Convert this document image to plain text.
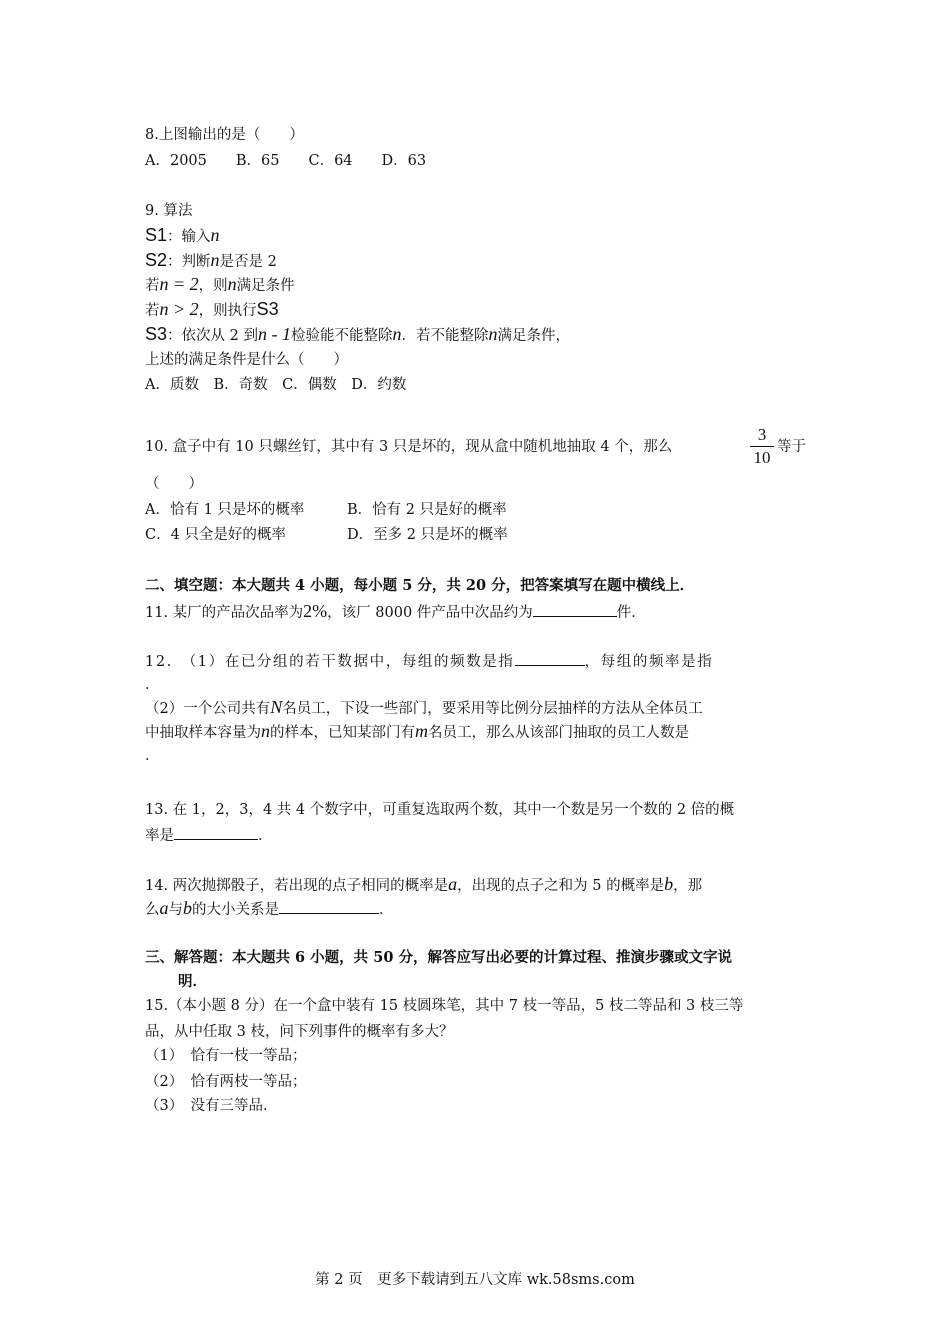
8.上图输出的是（　　）
A．2005　　B．65　　C．64　　D．63
9. 算法
S1：输入n
S2：判断n是否是 2
若n = 2，则n满足条件
若n > 2，则执行S3
S3：依次从 2 到n - 1检验能不能整除n．若不能整除n满足条件，
上述的满足条件是什么（　　）
A．质数　B．奇数　C．偶数　D．约数
10. 盒子中有 10 只螺丝钉，其中有 3 只是坏的，现从盒中随机地抽取 4 个，那么
3
10
等于
（　　）
A．恰有 1 只是坏的概率	B．恰有 2 只是好的概率
C．4 只全是好的概率	D．至多 2 只是坏的概率
二、填空题：本大题共 4 小题，每小题 5 分，共 20 分，把答案填写在题中横线上．
11. 某厂的产品次品率为2%，该厂 8000 件产品中次品约为	件．
12.　（1）在已分组的若干数据中，每组的频数是指	，每组的频率是指
．
（2）一个公司共有N名员工，下设一些部门，要采用等比例分层抽样的方法从全体员工
中抽取样本容量为n的样本，已知某部门有m名员工，那么从该部门抽取的员工人数是
．
13. 在 1，2，3，4 共 4 个数字中，可重复选取两个数，其中一个数是另一个数的 2 倍的概
率是	．
14. 两次抛掷骰子，若出现的点子相同的概率是a，出现的点子之和为 5 的概率是b，那
么a与b的大小关系是	．
三、解答题：本大题共 6 小题，共 50 分，解答应写出必要的计算过程、推演步骤或文字说
明．
15.（本小题 8 分）在一个盒中装有 15 枝圆珠笔，其中 7 枝一等品，5 枝二等品和 3 枝三等
品，从中任取 3 枝，问下列事件的概率有多大？
（1）　恰有一枝一等品；
（2）　恰有两枝一等品；
（3）　没有三等品．
第 2 页　更多下载请到五八文库 wk.58sms.com
